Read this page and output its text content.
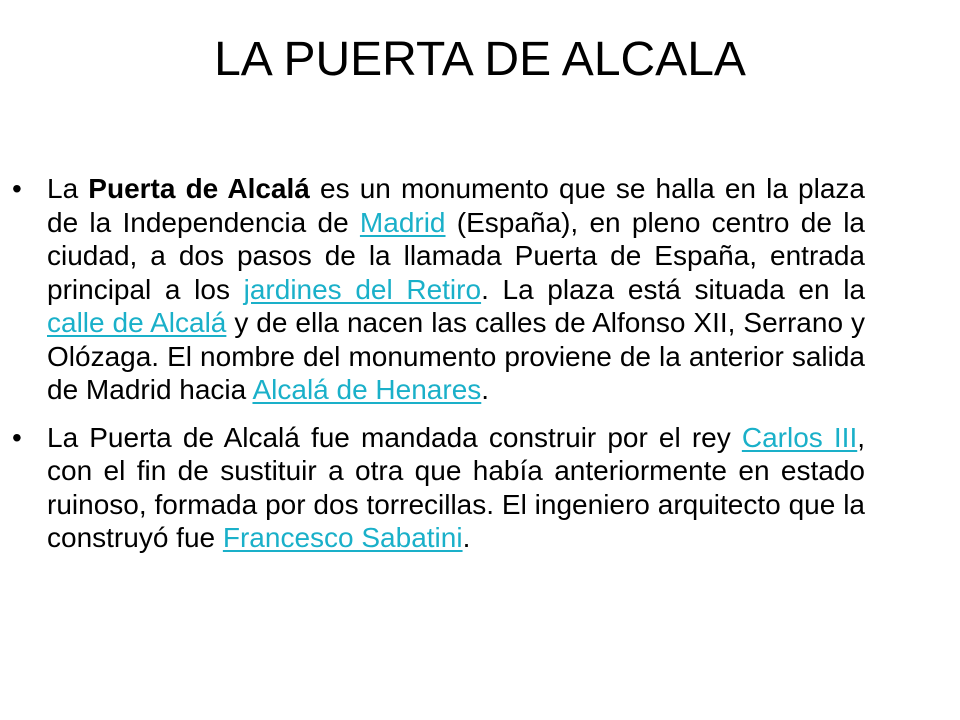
LA PUERTA DE ALCALA
• La Puerta de Alcalá es un monumento que se halla en la plaza de la Independencia de Madrid (España), en pleno centro de la ciudad, a dos pasos de la llamada Puerta de España, entrada principal a los jardines del Retiro. La plaza está situada en la calle de Alcalá y de ella nacen las calles de Alfonso XII, Serrano y Olózaga. El nombre del monumento proviene de la anterior salida de Madrid hacia Alcalá de Henares.
• La Puerta de Alcalá fue mandada construir por el rey Carlos III, con el fin de sustituir a otra que había anteriormente en estado ruinoso, formada por dos torrecillas. El ingeniero arquitecto que la construyó fue Francesco Sabatini.
